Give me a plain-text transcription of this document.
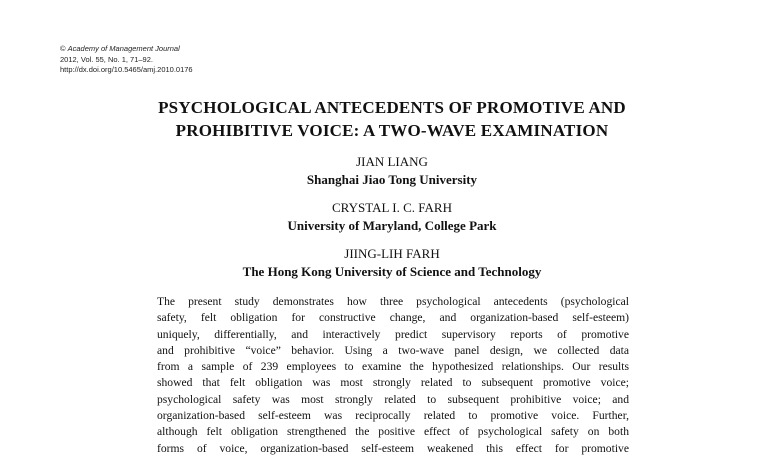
© Academy of Management Journal
2012, Vol. 55, No. 1, 71–92.
http://dx.doi.org/10.5465/amj.2010.0176
PSYCHOLOGICAL ANTECEDENTS OF PROMOTIVE AND
PROHIBITIVE VOICE: A TWO-WAVE EXAMINATION
JIAN LIANG
Shanghai Jiao Tong University
CRYSTAL I. C. FARH
University of Maryland, College Park
JIING-LIH FARH
The Hong Kong University of Science and Technology
The present study demonstrates how three psychological antecedents (psychological
safety, felt obligation for constructive change, and organization-based self-esteem)
uniquely, differentially, and interactively predict supervisory reports of promotive
and prohibitive “voice” behavior. Using a two-wave panel design, we collected data
from a sample of 239 employees to examine the hypothesized relationships. Our results
showed that felt obligation was most strongly related to subsequent promotive voice;
psychological safety was most strongly related to subsequent prohibitive voice; and
organization-based self-esteem was reciprocally related to promotive voice. Further,
although felt obligation strengthened the positive effect of psychological safety on both
forms of voice, organization-based self-esteem weakened this effect for promotive
